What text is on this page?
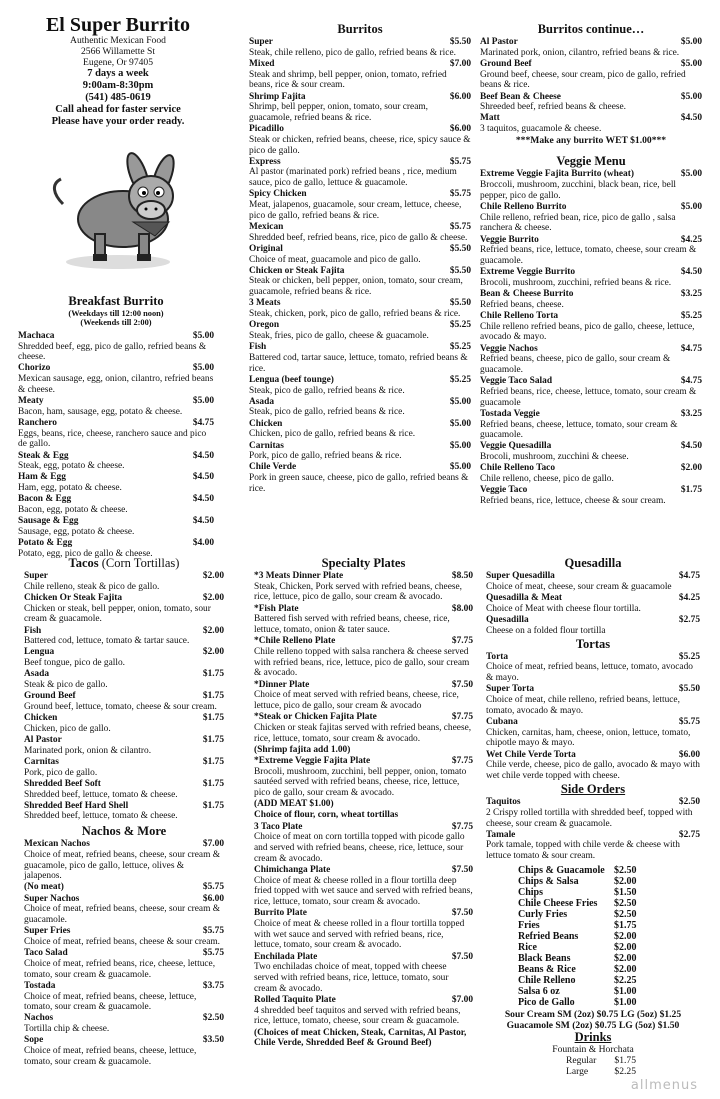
El Super Burrito
Authentic Mexican Food
2566 Willamette St
Eugene, Or 97405
7 days a week
9:00am-8:30pm
(541) 485-0619
Call ahead for faster service
Please have your order ready.
Breakfast Burrito
(Weekdays till 12:00 noon)
(Weekends till 2:00)
Machaca	$5.00
Shredded beef, egg, pico de gallo, refried beans & cheese.
Chorizo	$5.00
Mexican sausage, egg, onion, cilantro, refried beans & cheese.
Meaty	$5.00
Bacon, ham, sausage, egg, potato & cheese.
Ranchero	$4.75
Eggs, beans, rice, cheese, ranchero sauce and pico de gallo.
Steak & Egg	$4.50
Steak, egg, potato & cheese.
Ham & Egg	$4.50
Ham, egg, potato & cheese.
Bacon & Egg	$4.50
Bacon, egg, potato & cheese.
Sausage & Egg	$4.50
Sausage, egg, potato & cheese.
Potato & Egg	$4.00
Potato, egg, pico de gallo & cheese.
Burritos
Super	$5.50
Steak, chile relleno, pico de gallo, refried beans & rice.
Mixed	$7.00
Steak and shrimp, bell pepper, onion, tomato, refried beans, rice & sour cream.
Shrimp Fajita	$6.00
Shrimp, bell pepper, onion, tomato, sour cream, guacamole, refried beans & rice.
Picadillo	$6.00
Steak or chicken, refried beans, cheese, rice, spicy sauce & pico de gallo.
Express	$5.75
Al pastor (marinated pork) refried beans , rice, medium sauce, pico de gallo, lettuce & guacamole.
Spicy Chicken	$5.75
Meat, jalapenos, guacamole, sour cream, lettuce, cheese, pico de gallo, refried beans & rice.
Mexican	$5.75
Shredded beef, refried beans, rice, pico de gallo & cheese.
Original	$5.50
Choice of meat, guacamole and pico de gallo.
Chicken or Steak Fajita	$5.50
Steak or chicken, bell pepper, onion, tomato, sour cream, guacamole, refried beans & rice.
3 Meats	$5.50
Steak, chicken, pork, pico de gallo, refried beans & rice.
Oregon	$5.25
Steak, fries, pico de gallo, cheese & guacamole.
Fish	$5.25
Battered cod, tartar sauce, lettuce, tomato, refried beans & rice.
Lengua (beef tounge)	$5.25
Steak, pico de gallo, refried beans & rice.
Asada	$5.00
Steak, pico de gallo, refried beans & rice.
Chicken	$5.00
Chicken, pico de gallo, refried beans & rice.
Carnitas	$5.00
Pork, pico de gallo, refried beans & rice.
Chile Verde	$5.00
Pork in green sauce, cheese, pico de gallo, refried beans & rice.
Burritos continue…
Al Pastor	$5.00
Marinated pork, onion, cilantro, refried beans & rice.
Ground Beef	$5.00
Ground beef, cheese, sour cream, pico de gallo, refried beans & rice.
Beef Bean & Cheese	$5.00
Shreeded beef, refried beans & cheese.
Matt	$4.50
3 taquitos, guacamole & cheese.
***Make any burrito WET $1.00***
Veggie Menu
Extreme Veggie Fajita Burrito (wheat)	$5.00
Broccoli, mushroom, zucchini, black bean, rice, bell pepper, pico de gallo.
Chile Relleno Burrito	$5.00
Chile relleno, refried bean, rice, pico de gallo , salsa ranchera & cheese.
Veggie Burrito	$4.25
Refried beans, rice, lettuce, tomato, cheese, sour cream & guacamole.
Extreme Veggie Burrito	$4.50
Brocoli, mushroom, zucchini, refried beans & rice.
Bean & Cheese Burrito	$3.25
Refried beans, cheese.
Chile Relleno Torta	$5.25
Chile relleno refried beans, pico de gallo, cheese, lettuce, avocado & mayo.
Veggie Nachos	$4.75
Refried beans, cheese, pico de gallo, sour cream & guacamole.
Veggie Taco Salad	$4.75
Refried beans, rice, cheese, lettuce, tomato, sour cream & guacamole
Tostada Veggie	$3.25
Refried beans, cheese, lettuce, tomato, sour cream & guacamole.
Veggie Quesadilla	$4.50
Brocoli, mushroom, zucchini & cheese.
Chile Relleno Taco	$2.00
Chile relleno, cheese, pico de gallo.
Veggie Taco	$1.75
Refried beans, rice, lettuce, cheese & sour cream.
Tacos (Corn Tortillas)
Super	$2.00
Chile relleno, steak & pico de gallo.
Chicken Or Steak Fajita	$2.00
Chicken or steak, bell pepper, onion, tomato, sour cream & guacamole.
Fish	$2.00
Battered cod, lettuce, tomato & tartar sauce.
Lengua	$2.00
Beef tongue, pico de gallo.
Asada	$1.75
Steak & pico de gallo.
Ground Beef	$1.75
Ground beef, lettuce, tomato, cheese & sour cream.
Chicken	$1.75
Chicken, pico de gallo.
Al Pastor	$1.75
Marinated pork, onion & cilantro.
Carnitas	$1.75
Pork, pico de gallo.
Shredded Beef Soft	$1.75
Shredded beef, lettuce, tomato & cheese.
Shredded Beef Hard Shell	$1.75
Shredded beef, lettuce, tomato & cheese.
Nachos & More
Mexican Nachos	$7.00
Choice of meat, refried beans, cheese, sour cream & guacamole, pico de gallo, lettuce, olives & jalapenos.
(No meat)	$5.75
Super Nachos	$6.00
Choice of meat, refried beans, cheese, sour cream & guacamole.
Super Fries	$5.75
Choice of meat, refried beans, cheese & sour cream.
Taco Salad	$5.75
Choice of meat, refried beans, rice, cheese, lettuce, tomato, sour cream & guacamole.
Tostada	$3.75
Choice of meat, refried beans, cheese, lettuce, tomato, sour cream & guacamole.
Nachos	$2.50
Tortilla chip & cheese.
Sope	$3.50
Choice of meat, refried beans, cheese, lettuce, tomato, sour cream & guacamole.
Specialty Plates
*3 Meats Dinner Plate	$8.50
Steak, Chicken, Pork served with refried beans, cheese, rice, lettuce, pico de gallo, sour cream & avocado.
*Fish Plate	$8.00
Battered fish served with refried beans, cheese, rice, lettuce, tomato, onion & tater sauce.
*Chile Relleno Plate	$7.75
Chile relleno topped with salsa ranchera & cheese served with refried beans, rice, lettuce, pico de gallo, sour cream & avocado.
*Dinner Plate	$7.50
Choice of meat served with refried beans, cheese, rice, lettuce, pico de gallo, sour cream & avocado
*Steak or Chicken Fajita Plate	$7.75
Chicken or steak fajitas served with refried beans, cheese, rice, lettuce, tomato, sour cream & avocado.
(Shrimp fajita add 1.00)
*Extreme Veggie Fajita Plate	$7.75
Brocoli, mushroom, zucchini, bell pepper, onion, tomato sautéed served with refried beans, cheese, rice, lettuce, pico de gallo, sour cream & avocado.
(ADD MEAT $1.00)
Choice of flour, corn, wheat tortillas
3 Taco Plate	$7.75
Choice of meat on corn tortilla topped with picode gallo and served with refried beans, cheese, rice, lettuce, sour cream & avocado.
Chimichanga Plate	$7.50
Choice of meat & cheese rolled in a flour tortilla deep fried topped with wet sauce and served with refried beans, rice, lettuce, tomato, sour cream & avocado.
Burrito Plate	$7.50
Choice of meat & cheese rolled in a flour tortilla topped with wet sauce and served with refried beans, rice, lettuce, tomato, sour cream & avocado.
Enchilada Plate	$7.50
Two enchiladas choice of meat, topped with cheese served with refried beans, rice, lettuce, tomato, sour cream & avocado.
Rolled Taquito Plate	$7.00
4 shredded beef taquitos and served with refried beans, rice, lettuce, tomato, cheese, sour cream & guacamole.
(Choices of meat Chicken, Steak, Carnitas, Al Pastor, Chile Verde, Shredded Beef & Ground Beef)
Quesadilla
Super Quesadilla	$4.75
Choice of meat, cheese, sour cream & guacamole
Quesadilla & Meat	$4.25
Choice of Meat with cheese flour tortilla.
Quesadilla	$2.75
Cheese on a folded flour tortilla
Tortas
Torta	$5.25
Choice of meat, refried beans, lettuce, tomato, avocado & mayo.
Super Torta	$5.50
Choice of meat, chile relleno, refried beans, lettuce, tomato, avocado & mayo.
Cubana	$5.75
Chicken, carnitas, ham, cheese, onion, lettuce, tomato, chipotle mayo & mayo.
Wet Chile Verde Torta	$6.00
Chile verde, cheese, pico de gallo, avocado & mayo with wet chile verde topped with cheese.
Side Orders
Taquitos	$2.50
2 Crispy rolled tortilla with shredded beef, topped with cheese, sour cream & guacamole.
Tamale	$2.75
Pork tamale, topped with chile verde & cheese with lettuce tomato & sour cream.
Chips & Guacamole $2.50
Chips & Salsa	$2.00
Chips	$1.50
Chile Cheese Fries	$2.50
Curly Fries	$2.50
Fries	$1.75
Refried Beans	$2.00
Rice	$2.00
Black Beans	$2.00
Beans & Rice	$2.00
Chile Relleno	$2.25
Salsa 6 oz	$1.00
Pico de Gallo	$1.00
Sour Cream SM (2oz) $0.75 LG (5oz) $1.25
Guacamole SM (2oz) $0.75 LG (5oz) $1.50
Drinks
Fountain & Horchata
Regular $1.75
Large	$2.25
allmenus
